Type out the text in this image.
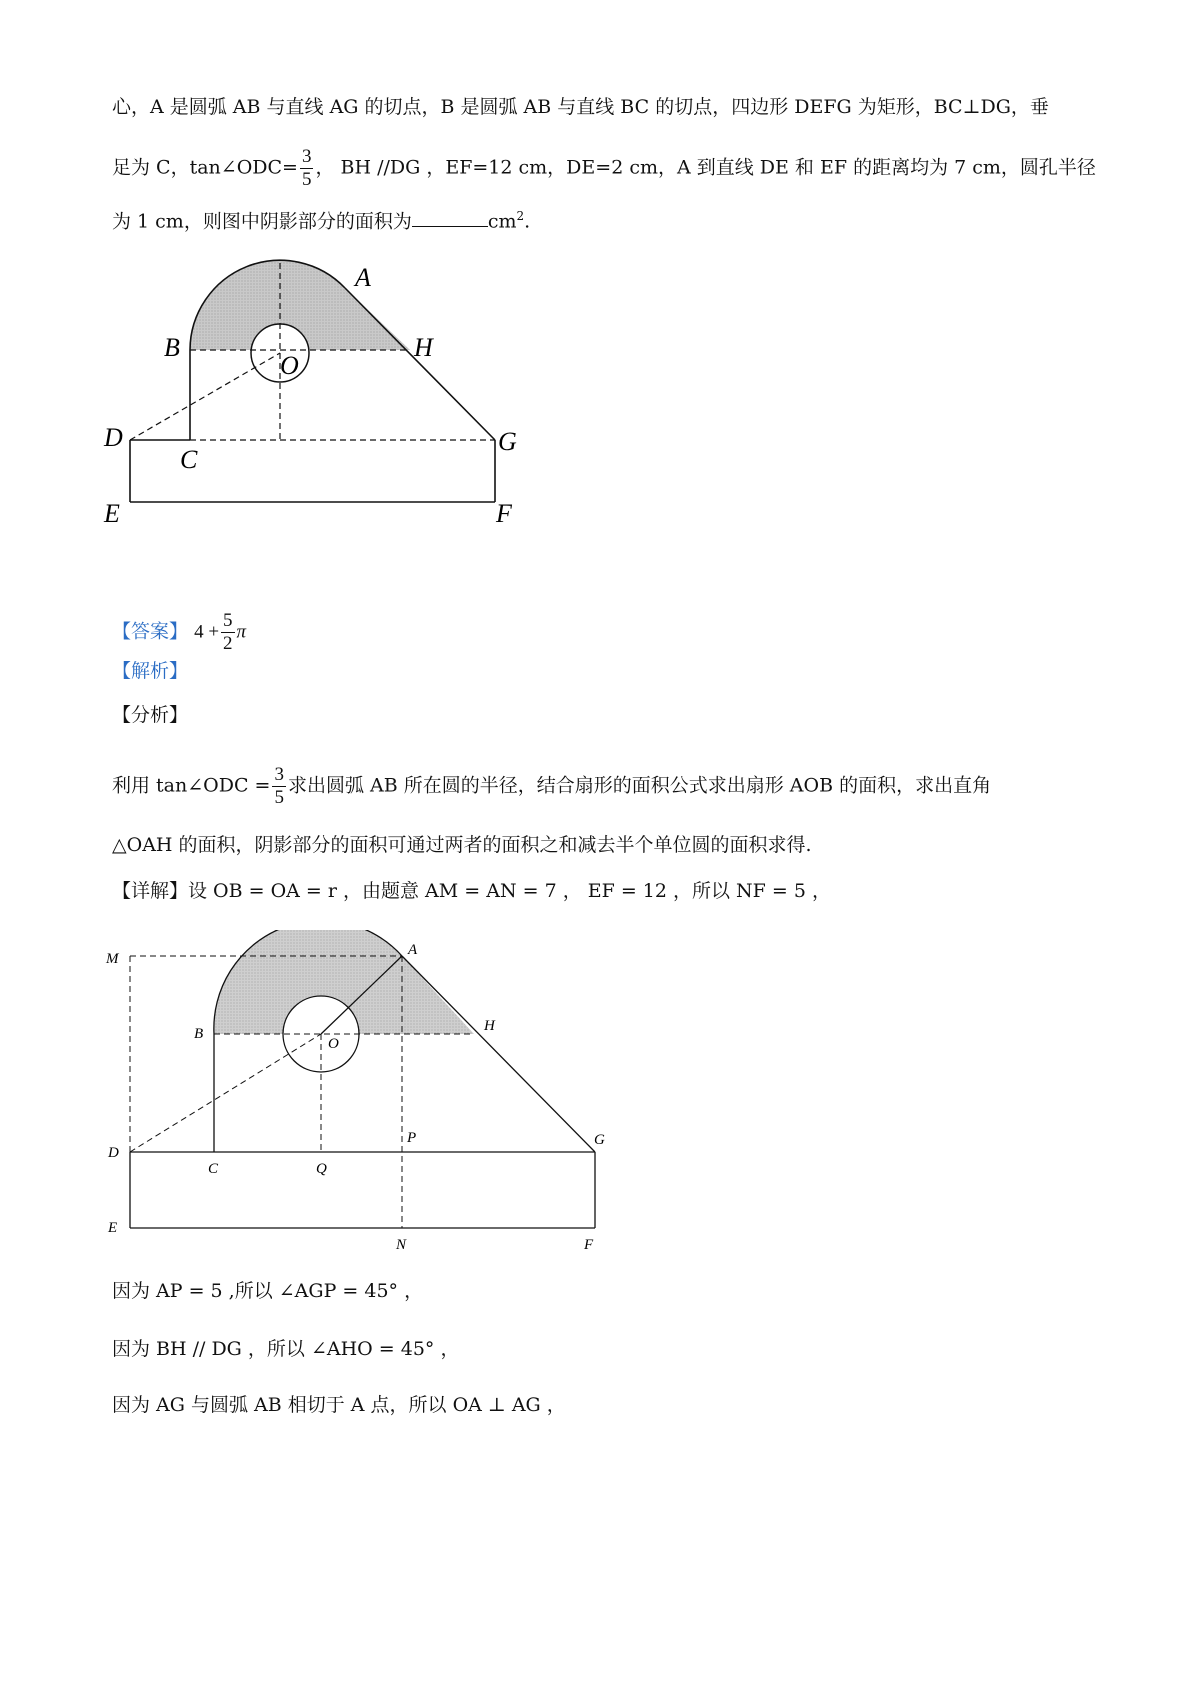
心，A 是圆弧 AB 与直线 AG 的切点，B 是圆弧 AB 与直线 BC 的切点，四边形 DEFG 为矩形，BC⊥DG，垂
足为 C，tan∠ODC= $\frac{3}{5}$ ， BH //DG ，EF=12 cm，DE=2 cm，A 到直线 DE 和 EF 的距离均为 7 cm，圆孔半径
为 1 cm，则图中阴影部分的面积为	$cm^2$.
A
B	H
O
D
C
G
E	F
【答案】 $4 + \frac{5}{2}$ π
【解析】
【分析】
利用 tan∠ODC = $\frac{3}{5}$ 求出圆弧 AB 所在圆的半径，结合扇形的面积公式求出扇形 AOB 的面积，求出直角
△OAH 的面积，阴影部分的面积可通过两者的面积之和减去半个单位圆的面积求得.
【详解】设 OB = OA = r ，由题意 AM = AN = 7 ， EF = 12 ，所以 NF = 5 ，
M
A
B	H
O
D
C	Q
P	G
E
N	F
因为 AP = 5 ,所以 ∠AGP = 45° ，
因为 BH // DG ，所以 ∠AHO = 45° ，
因为 AG 与圆弧 AB 相切于 A 点，所以 OA ⊥ AG ，
